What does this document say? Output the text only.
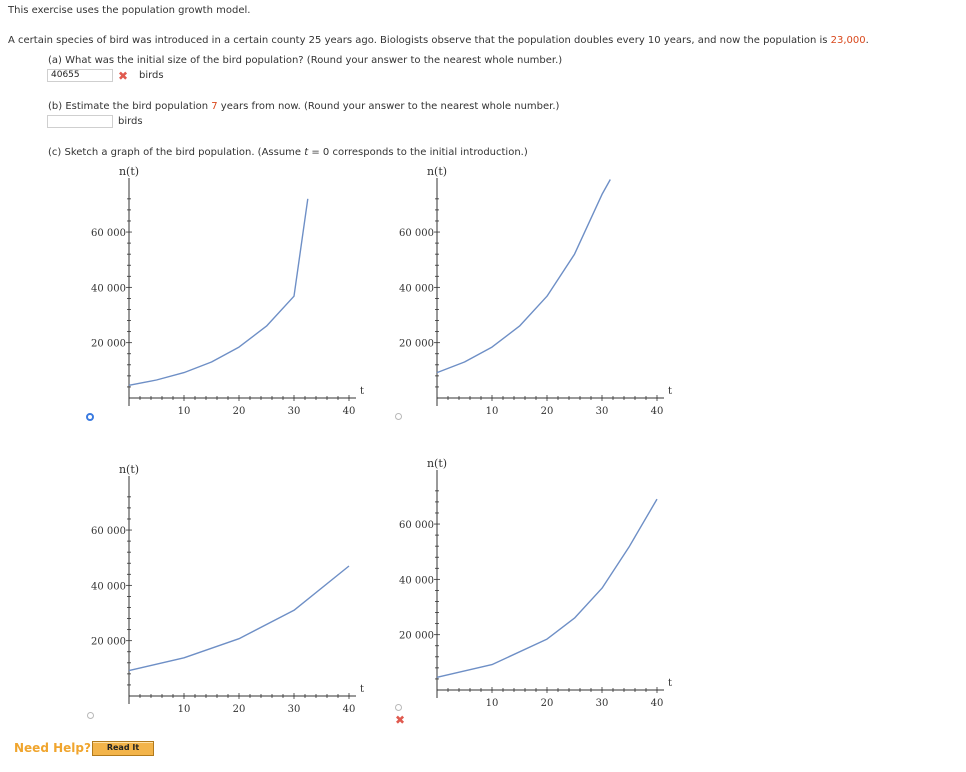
This exercise uses the population growth model.
A certain species of bird was introduced in a certain county 25 years ago. Biologists observe that the population doubles every 10 years, and now the population is 23,000.
(a) What was the initial size of the bird population? (Round your answer to the nearest whole number.)
40655	✖ birds
(b) Estimate the bird population 7 years from now. (Round your answer to the nearest whole number.)
birds
(c) Sketch a graph of the bird population. (Assume t = 0 corresponds to the initial introduction.)
10	20	30	40
20 000
40 000
60 000
n(t)
t
10	20	30	40
20 000
40 000
60 000
n(t)
t
10	20	30	40
20 000
40 000
60 000
n(t)
t
10	20	30	40
20 000
40 000
60 000
n(t)
t
✖
Need Help?	Read It
